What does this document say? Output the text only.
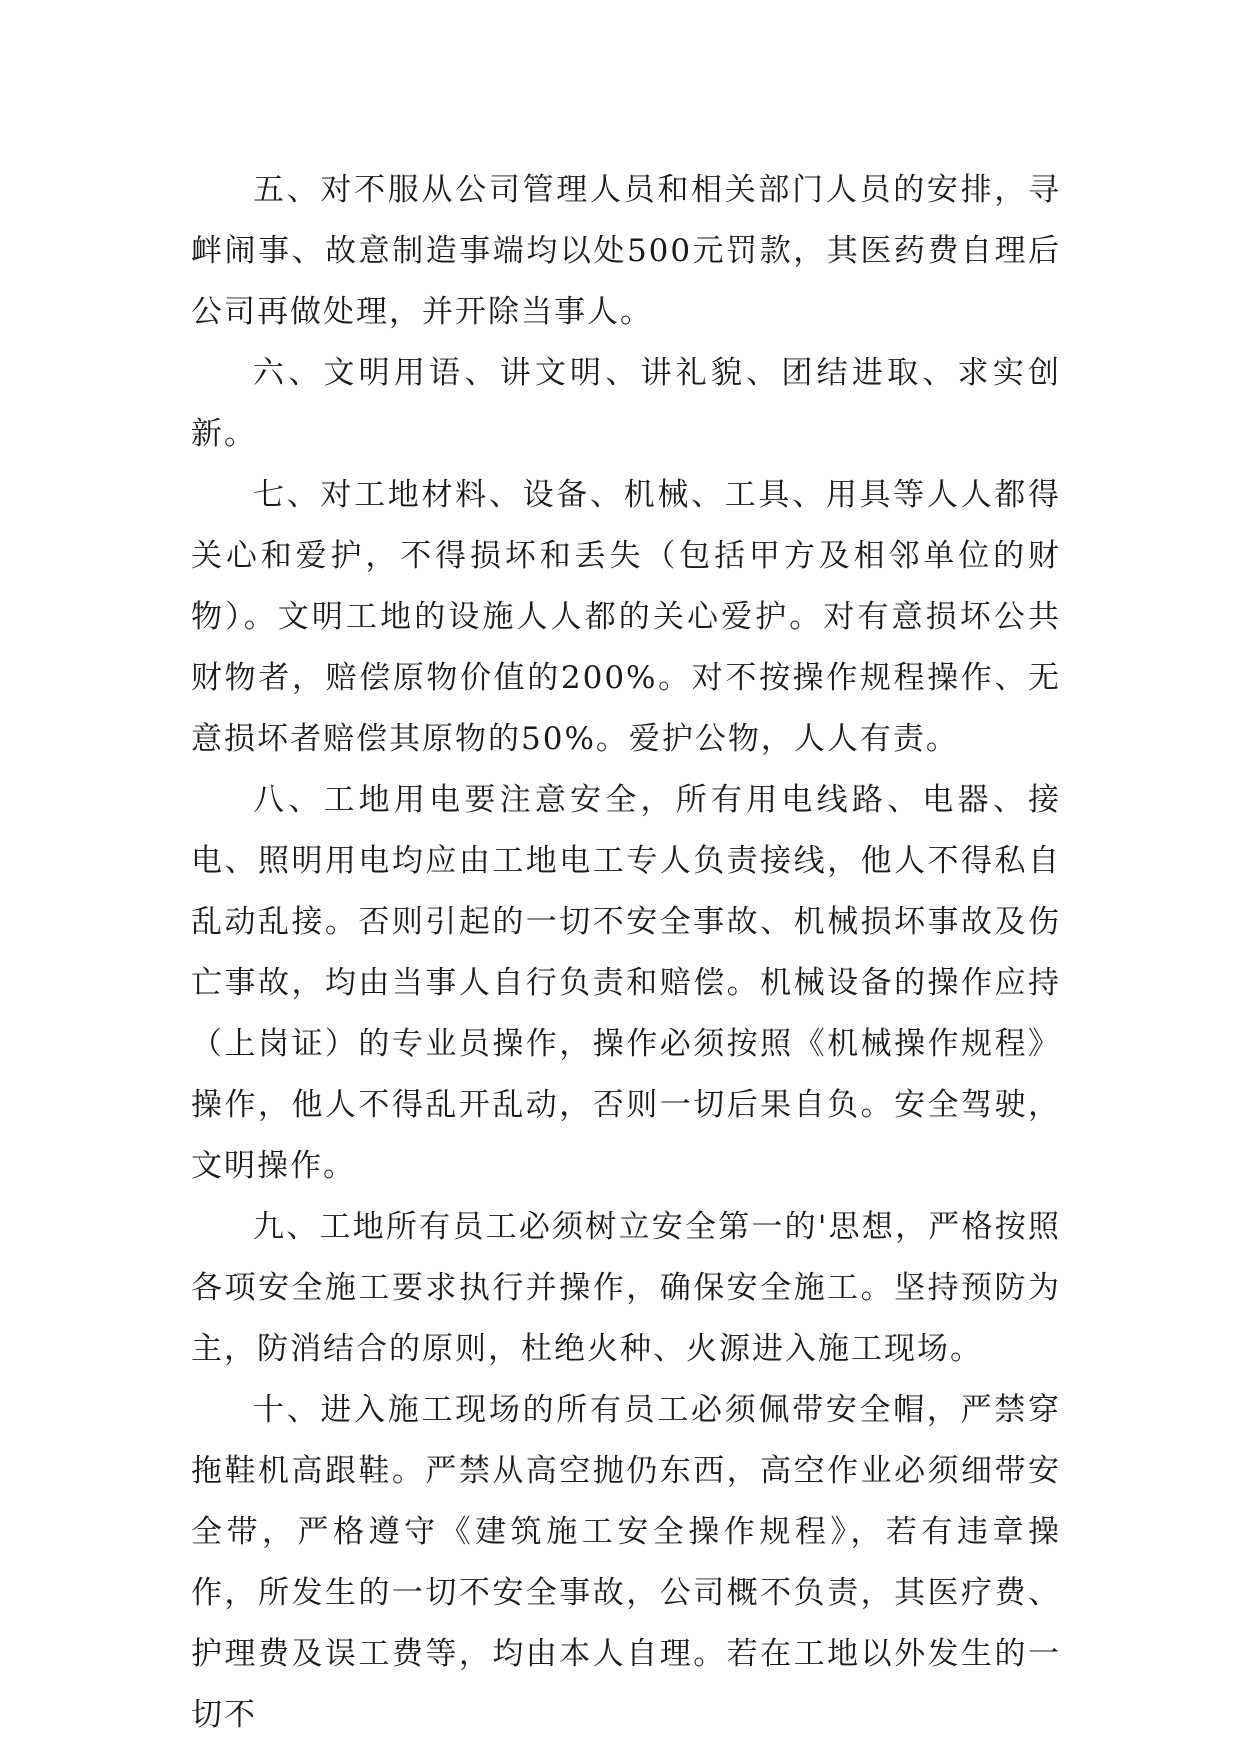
五、对不服从公司管理人员和相关部门人员的安排，寻衅闹事、故意制造事端均以处500元罚款，其医药费自理后公司再做处理，并开除当事人。

六、文明用语、讲文明、讲礼貌、团结进取、求实创新。

七、对工地材料、设备、机械、工具、用具等人人都得关心和爱护，不得损坏和丢失（包括甲方及相邻单位的财物）。文明工地的设施人人都的关心爱护。对有意损坏公共财物者，赔偿原物价值的200%。对不按操作规程操作、无意损坏者赔偿其原物的50%。爱护公物，人人有责。

八、工地用电要注意安全，所有用电线路、电器、接电、照明用电均应由工地电工专人负责接线，他人不得私自乱动乱接。否则引起的一切不安全事故、机械损坏事故及伤亡事故，均由当事人自行负责和赔偿。机械设备的操作应持（上岗证）的专业员操作，操作必须按照《机械操作规程》操作，他人不得乱开乱动，否则一切后果自负。安全驾驶，文明操作。

九、工地所有员工必须树立安全第一的'思想，严格按照各项安全施工要求执行并操作，确保安全施工。坚持预防为主，防消结合的原则，杜绝火种、火源进入施工现场。

十、进入施工现场的所有员工必须佩带安全帽，严禁穿拖鞋机高跟鞋。严禁从高空抛仍东西，高空作业必须细带安全带，严格遵守《建筑施工安全操作规程》，若有违章操作，所发生的一切不安全事故，公司概不负责，其医疗费、护理费及误工费等，均由本人自理。若在工地以外发生的一切不
